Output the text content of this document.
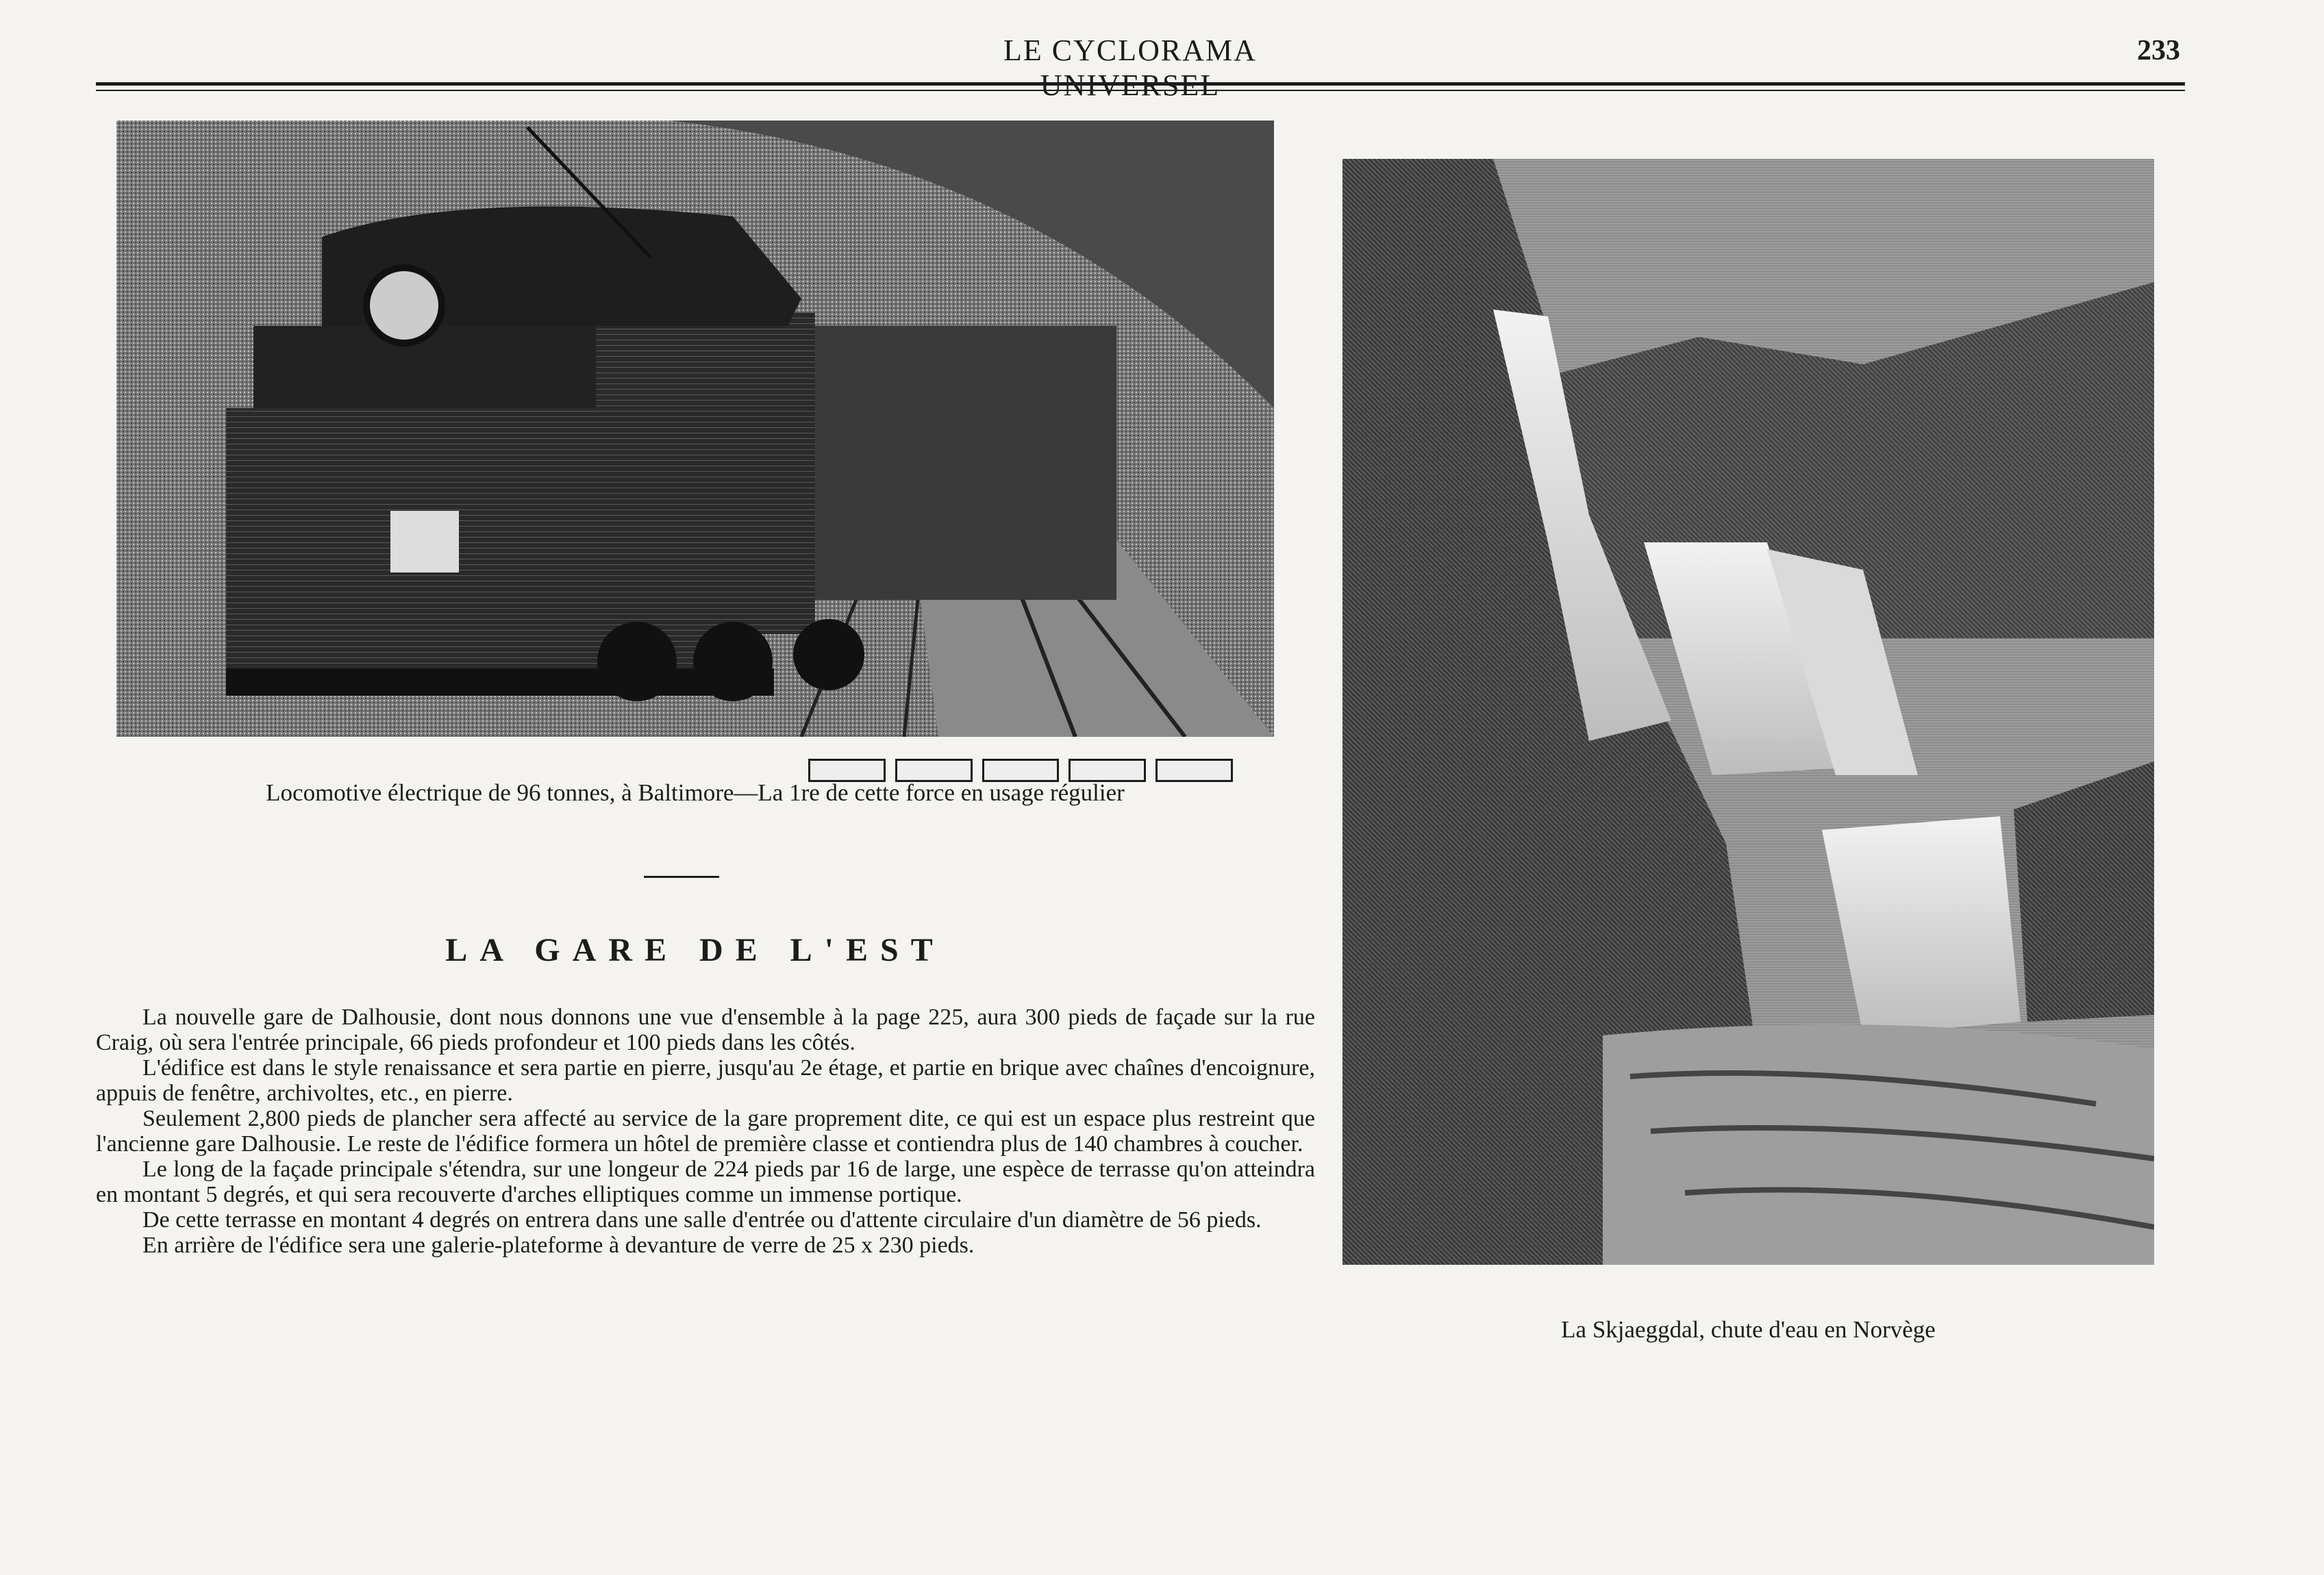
LE CYCLORAMA	233
Locomotive électrique de 96 tonnes, à Baltimore—La 1re de cette force en usage régulier
LA GARE DE L'EST

La nouvelle gare de Dalhousie, dont nous donnons une vue d'ensemble à la page 225, aura 300 pieds de façade sur la rue Craig, où sera l'entrée principale, 66 pieds profondeur et 100 pieds dans les côtés.

L'édifice est dans le style renaissance et sera partie en pierre, jusqu'au 2e étage, et partie en brique avec chaînes d'encoignure, appuis de fenêtre, archivoltes, etc., en pierre.

Seulement 2,800 pieds de plancher sera affecté au service de la gare proprement dite, ce qui est un espace plus restreint que l'ancienne gare Dalhousie. Le reste de l'édifice formera un hôtel de première classe et contiendra plus de 140 chambres à coucher.

Le long de la façade principale s'étendra, sur une longeur de 224 pieds par 16 de large, une espèce de terrasse qu'on atteindra en montant 5 degrés, et qui sera recouverte d'arches elliptiques comme un immense portique.

De cette terrasse en montant 4 degrés on entrera dans une salle d'entrée ou d'attente circulaire d'un diamètre de 56 pieds.

En arrière de l'édifice sera une galerie-plateforme à devanture de verre de 25 x 230 pieds.

La Skjaeggdal, chute d'eau en Norvège
